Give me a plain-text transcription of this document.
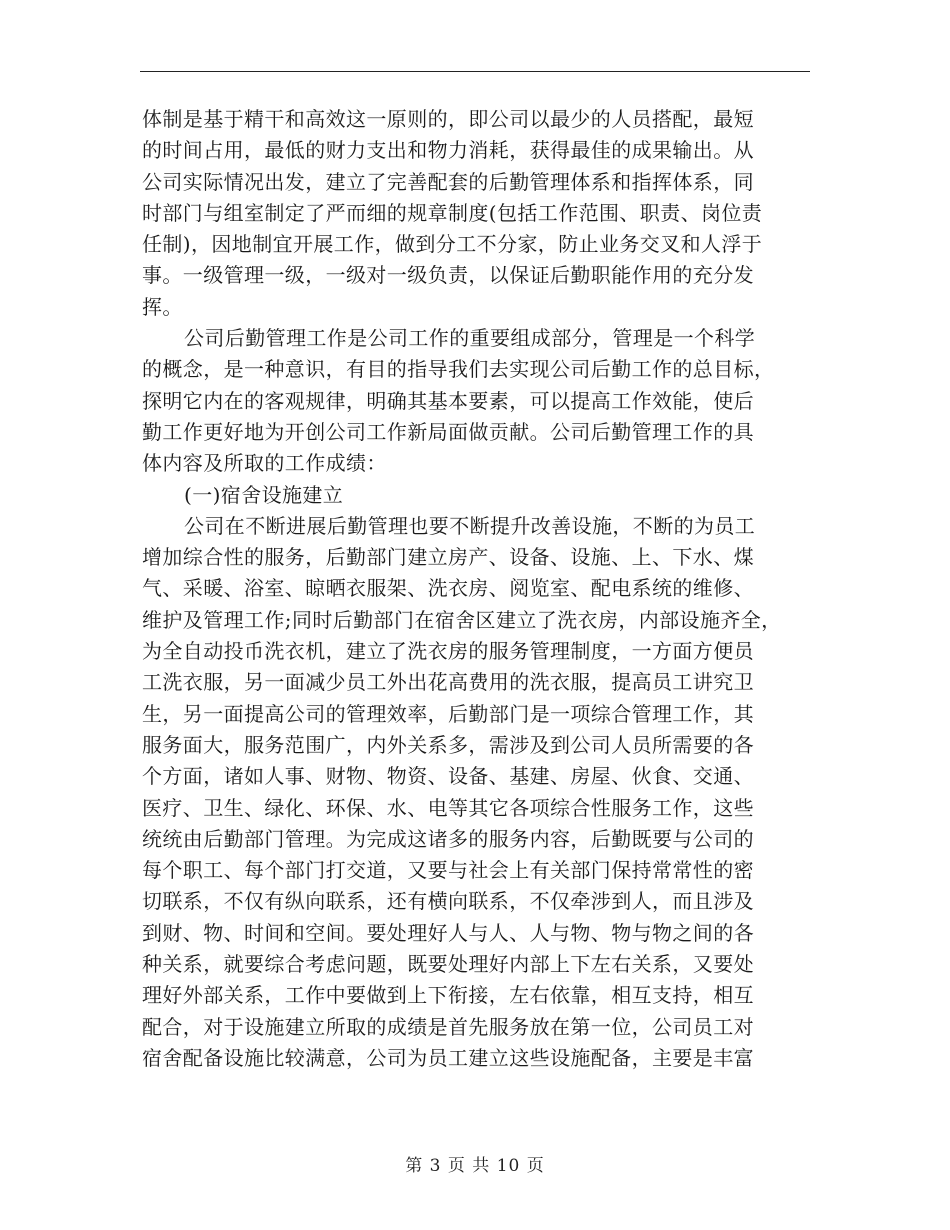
体制是基于精干和高效这一原则的，即公司以最少的人员搭配，最短
的时间占用，最低的财力支出和物力消耗，获得最佳的成果输出。从
公司实际情况出发，建立了完善配套的后勤管理体系和指挥体系，同
时部门与组室制定了严而细的规章制度(包括工作范围、职责、岗位责
任制)，因地制宜开展工作，做到分工不分家，防止业务交叉和人浮于
事。一级管理一级，一级对一级负责，以保证后勤职能作用的充分发
挥。
公司后勤管理工作是公司工作的重要组成部分，管理是一个科学
的概念，是一种意识，有目的指导我们去实现公司后勤工作的总目标，
探明它内在的客观规律，明确其基本要素，可以提高工作效能，使后
勤工作更好地为开创公司工作新局面做贡献。公司后勤管理工作的具
体内容及所取的工作成绩：
(一)宿舍设施建立
公司在不断进展后勤管理也要不断提升改善设施，不断的为员工
增加综合性的服务，后勤部门建立房产、设备、设施、上、下水、煤
气、采暖、浴室、晾晒衣服架、洗衣房、阅览室、配电系统的维修、
维护及管理工作;同时后勤部门在宿舍区建立了洗衣房，内部设施齐全，
为全自动投币洗衣机，建立了洗衣房的服务管理制度，一方面方便员
工洗衣服，另一面减少员工外出花高费用的洗衣服，提高员工讲究卫
生，另一面提高公司的管理效率，后勤部门是一项综合管理工作，其
服务面大，服务范围广，内外关系多，需涉及到公司人员所需要的各
个方面，诸如人事、财物、物资、设备、基建、房屋、伙食、交通、
医疗、卫生、绿化、环保、水、电等其它各项综合性服务工作，这些
统统由后勤部门管理。为完成这诸多的服务内容，后勤既要与公司的
每个职工、每个部门打交道，又要与社会上有关部门保持常常性的密
切联系，不仅有纵向联系，还有横向联系，不仅牵涉到人，而且涉及
到财、物、时间和空间。要处理好人与人、人与物、物与物之间的各
种关系，就要综合考虑问题，既要处理好内部上下左右关系，又要处
理好外部关系，工作中要做到上下衔接，左右依靠，相互支持，相互
配合，对于设施建立所取的成绩是首先服务放在第一位，公司员工对
宿舍配备设施比较满意，公司为员工建立这些设施配备，主要是丰富
第 3 页 共 10 页
